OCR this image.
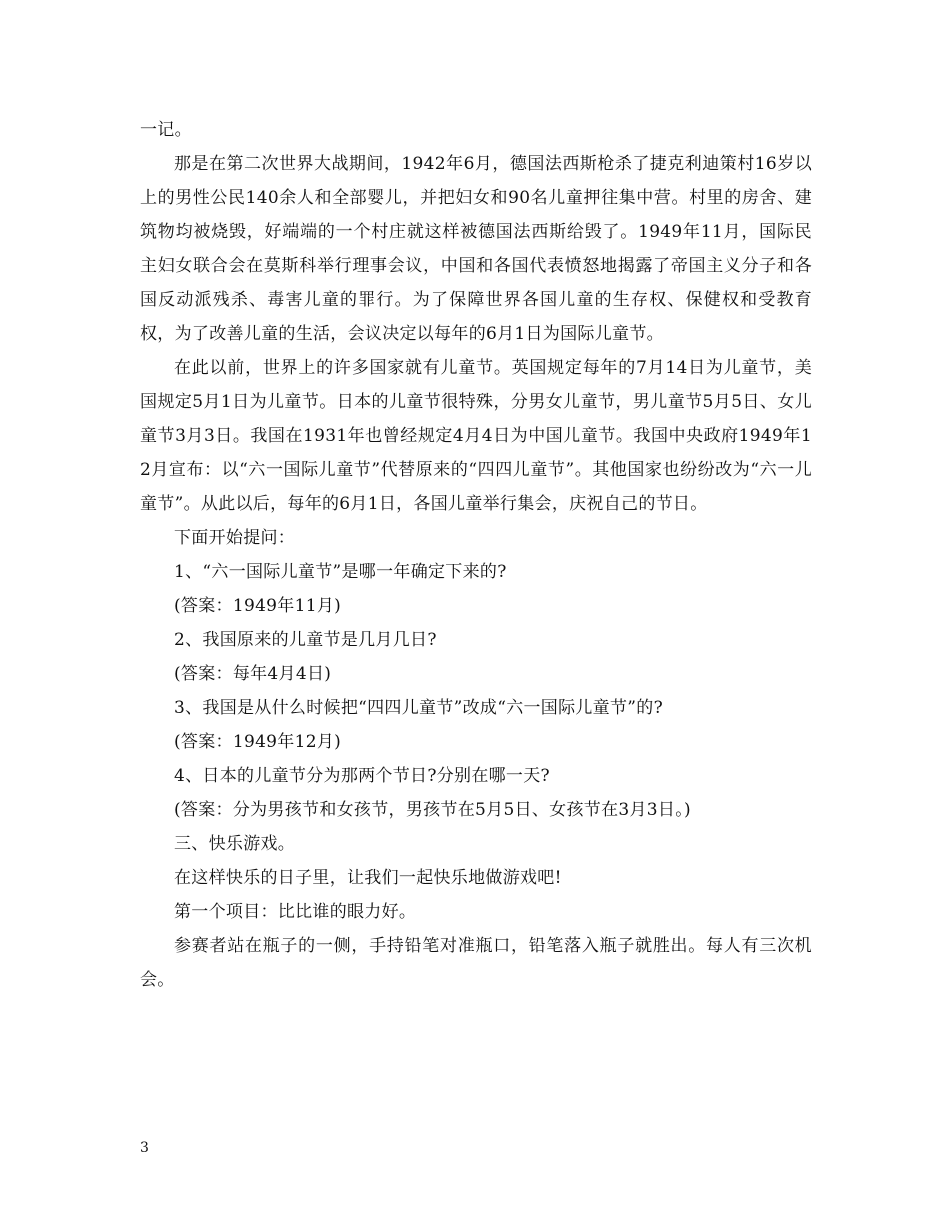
一记。

那是在第二次世界大战期间，1942年6月，德国法西斯枪杀了捷克利迪策村16岁以上的男性公民140余人和全部婴儿，并把妇女和90名儿童押往集中营。村里的房舍、建筑物均被烧毁，好端端的一个村庄就这样被德国法西斯给毁了。1949年11月，国际民主妇女联合会在莫斯科举行理事会议，中国和各国代表愤怒地揭露了帝国主义分子和各国反动派残杀、毒害儿童的罪行。为了保障世界各国儿童的生存权、保健权和受教育权，为了改善儿童的生活，会议决定以每年的6月1日为国际儿童节。

在此以前，世界上的许多国家就有儿童节。英国规定每年的7月14日为儿童节，美国规定5月1日为儿童节。日本的儿童节很特殊，分男女儿童节，男儿童节5月5日、女儿童节3月3日。我国在1931年也曾经规定4月4日为中国儿童节。我国中央政府1949年12月宣布：以“六一国际儿童节”代替原来的“四四儿童节”。其他国家也纷纷改为“六一儿童节”。从此以后，每年的6月1日，各国儿童举行集会，庆祝自己的节日。

下面开始提问：

1、“六一国际儿童节”是哪一年确定下来的?

(答案：1949年11月)

2、我国原来的儿童节是几月几日?

(答案：每年4月4日)

3、我国是从什么时候把“四四儿童节”改成“六一国际儿童节”的?

(答案：1949年12月)

4、日本的儿童节分为那两个节日?分别在哪一天?

(答案：分为男孩节和女孩节，男孩节在5月5日、女孩节在3月3日。)

三、快乐游戏。

在这样快乐的日子里，让我们一起快乐地做游戏吧!

第一个项目：比比谁的眼力好。

参赛者站在瓶子的一侧，手持铅笔对准瓶口，铅笔落入瓶子就胜出。每人有三次机会。

3
